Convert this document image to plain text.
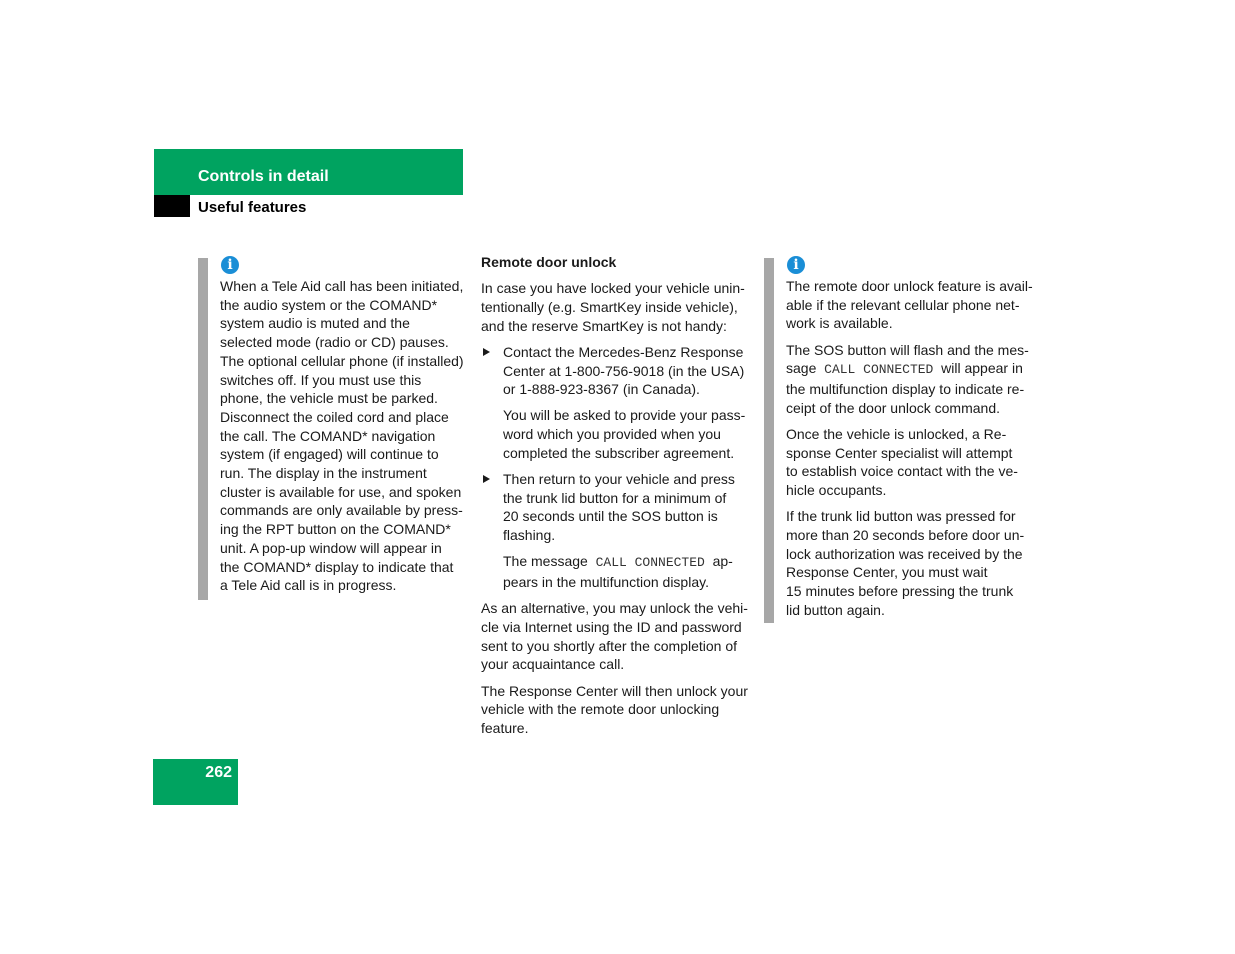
Controls in detail
Useful features
i
When a Tele Aid call has been initiated,
the audio system or the COMAND*
system audio is muted and the
selected mode (radio or CD) pauses.
The optional cellular phone (if installed)
switches off. If you must use this
phone, the vehicle must be parked.
Disconnect the coiled cord and place
the call. The COMAND* navigation
system (if engaged) will continue to
run. The display in the instrument
cluster is available for use, and spoken
commands are only available by press-
ing the RPT button on the COMAND*
unit. A pop-up window will appear in
the COMAND* display to indicate that
a Tele Aid call is in progress.

Remote door unlock

In case you have locked your vehicle unin-
tentionally (e.g. SmartKey inside vehicle),
and the reserve SmartKey is not handy:

Contact the Mercedes-Benz Response
Center at 1-800-756-9018 (in the USA)
or 1-888-923-8367 (in Canada).

You will be asked to provide your pass-
word which you provided when you
completed the subscriber agreement.

Then return to your vehicle and press
the trunk lid button for a minimum of
20 seconds until the SOS button is
flashing.

The message CALL CONNECTED ap-
pears in the multifunction display.

As an alternative, you may unlock the vehi-
cle via Internet using the ID and password
sent to you shortly after the completion of
your acquaintance call.

The Response Center will then unlock your
vehicle with the remote door unlocking
feature.

i

The remote door unlock feature is avail-
able if the relevant cellular phone net-
work is available.

The SOS button will flash and the mes-
sage CALL CONNECTED will appear in
the multifunction display to indicate re-
ceipt of the door unlock command.

Once the vehicle is unlocked, a Re-
sponse Center specialist will attempt
to establish voice contact with the ve-
hicle occupants.

If the trunk lid button was pressed for
more than 20 seconds before door un-
lock authorization was received by the
Response Center, you must wait
15 minutes before pressing the trunk
lid button again.

262
